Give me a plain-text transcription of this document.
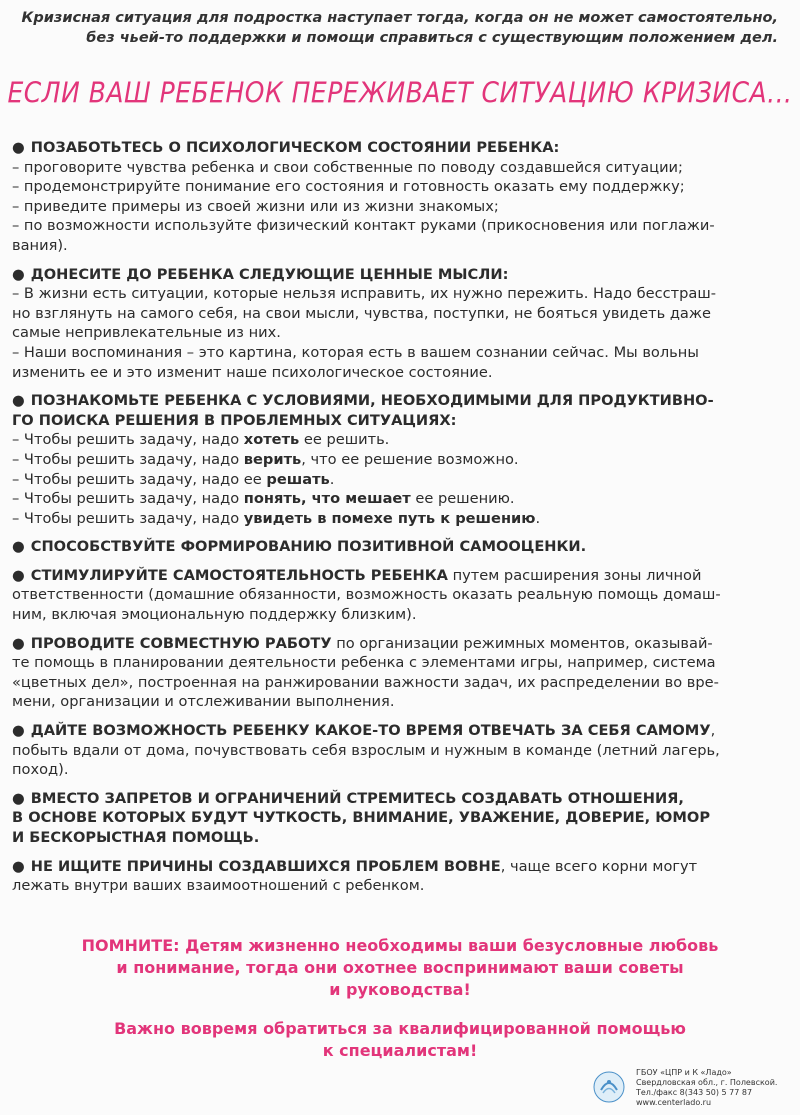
Кризисная ситуация для подростка наступает тогда, когда он не может самостоятельно,
без чьей-то поддержки и помощи справиться с существующим положением дел.
ЕСЛИ ВАШ РЕБЕНОК ПЕРЕЖИВАЕТ СИТУАЦИЮ КРИЗИСА...
● ПОЗАБОТЬТЕСЬ О ПСИХОЛОГИЧЕСКОМ СОСТОЯНИИ РЕБЕНКА:
– проговорите чувства ребенка и свои собственные по поводу создавшейся ситуации;
– продемонстрируйте понимание его состояния и готовность оказать ему поддержку;
– приведите примеры из своей жизни или из жизни знакомых;
– по возможности используйте физический контакт руками (прикосновения или поглажи-
вания).
● ДОНЕСИТЕ ДО РЕБЕНКА СЛЕДУЮЩИЕ ЦЕННЫЕ МЫСЛИ:
– В жизни есть ситуации, которые нельзя исправить, их нужно пережить. Надо бесстраш-
но взглянуть на самого себя, на свои мысли, чувства, поступки, не бояться увидеть даже
самые непривлекательные из них.
– Наши воспоминания – это картина, которая есть в вашем сознании сейчас. Мы вольны
изменить ее и это изменит наше психологическое состояние.
● ПОЗНАКОМЬТЕ РЕБЕНКА С УСЛОВИЯМИ, НЕОБХОДИМЫМИ ДЛЯ ПРОДУКТИВНО-
ГО ПОИСКА РЕШЕНИЯ В ПРОБЛЕМНЫХ СИТУАЦИЯХ:
– Чтобы решить задачу, надо хотеть ее решить.
– Чтобы решить задачу, надо верить, что ее решение возможно.
– Чтобы решить задачу, надо ее решать.
– Чтобы решить задачу, надо понять, что мешает ее решению.
– Чтобы решить задачу, надо увидеть в помехе путь к решению.
● СПОСОБСТВУЙТЕ ФОРМИРОВАНИЮ ПОЗИТИВНОЙ САМООЦЕНКИ.
● СТИМУЛИРУЙТЕ САМОСТОЯТЕЛЬНОСТЬ РЕБЕНКА путем расширения зоны личной
ответственности (домашние обязанности, возможность оказать реальную помощь домаш-
ним, включая эмоциональную поддержку близким).
● ПРОВОДИТЕ СОВМЕСТНУЮ РАБОТУ по организации режимных моментов, оказывай-
те помощь в планировании деятельности ребенка с элементами игры, например, система
«цветных дел», построенная на ранжировании важности задач, их распределении во вре-
мени, организации и отслеживании выполнения.
● ДАЙТЕ ВОЗМОЖНОСТЬ РЕБЕНКУ КАКОЕ-ТО ВРЕМЯ ОТВЕЧАТЬ ЗА СЕБЯ САМОМУ,
побыть вдали от дома, почувствовать себя взрослым и нужным в команде (летний лагерь,
поход).
● ВМЕСТО ЗАПРЕТОВ И ОГРАНИЧЕНИЙ СТРЕМИТЕСЬ СОЗДАВАТЬ ОТНОШЕНИЯ,
В ОСНОВЕ КОТОРЫХ БУДУТ ЧУТКОСТЬ, ВНИМАНИЕ, УВАЖЕНИЕ, ДОВЕРИЕ, ЮМОР
И БЕСКОРЫСТНАЯ ПОМОЩЬ.
● НЕ ИЩИТЕ ПРИЧИНЫ СОЗДАВШИХСЯ ПРОБЛЕМ ВОВНЕ, чаще всего корни могут
лежать внутри ваших взаимоотношений с ребенком.
ПОМНИТЕ: Детям жизненно необходимы ваши безусловные любовь
и понимание, тогда они охотнее воспринимают ваши советы
и руководства!
Важно вовремя обратиться за квалифицированной помощью
к специалистам!
ГБОУ «ЦПР и К «Ладо»
Свердловская обл., г. Полевской.
Тел./факс 8(343 50) 5 77 87
www.centerlado.ru
